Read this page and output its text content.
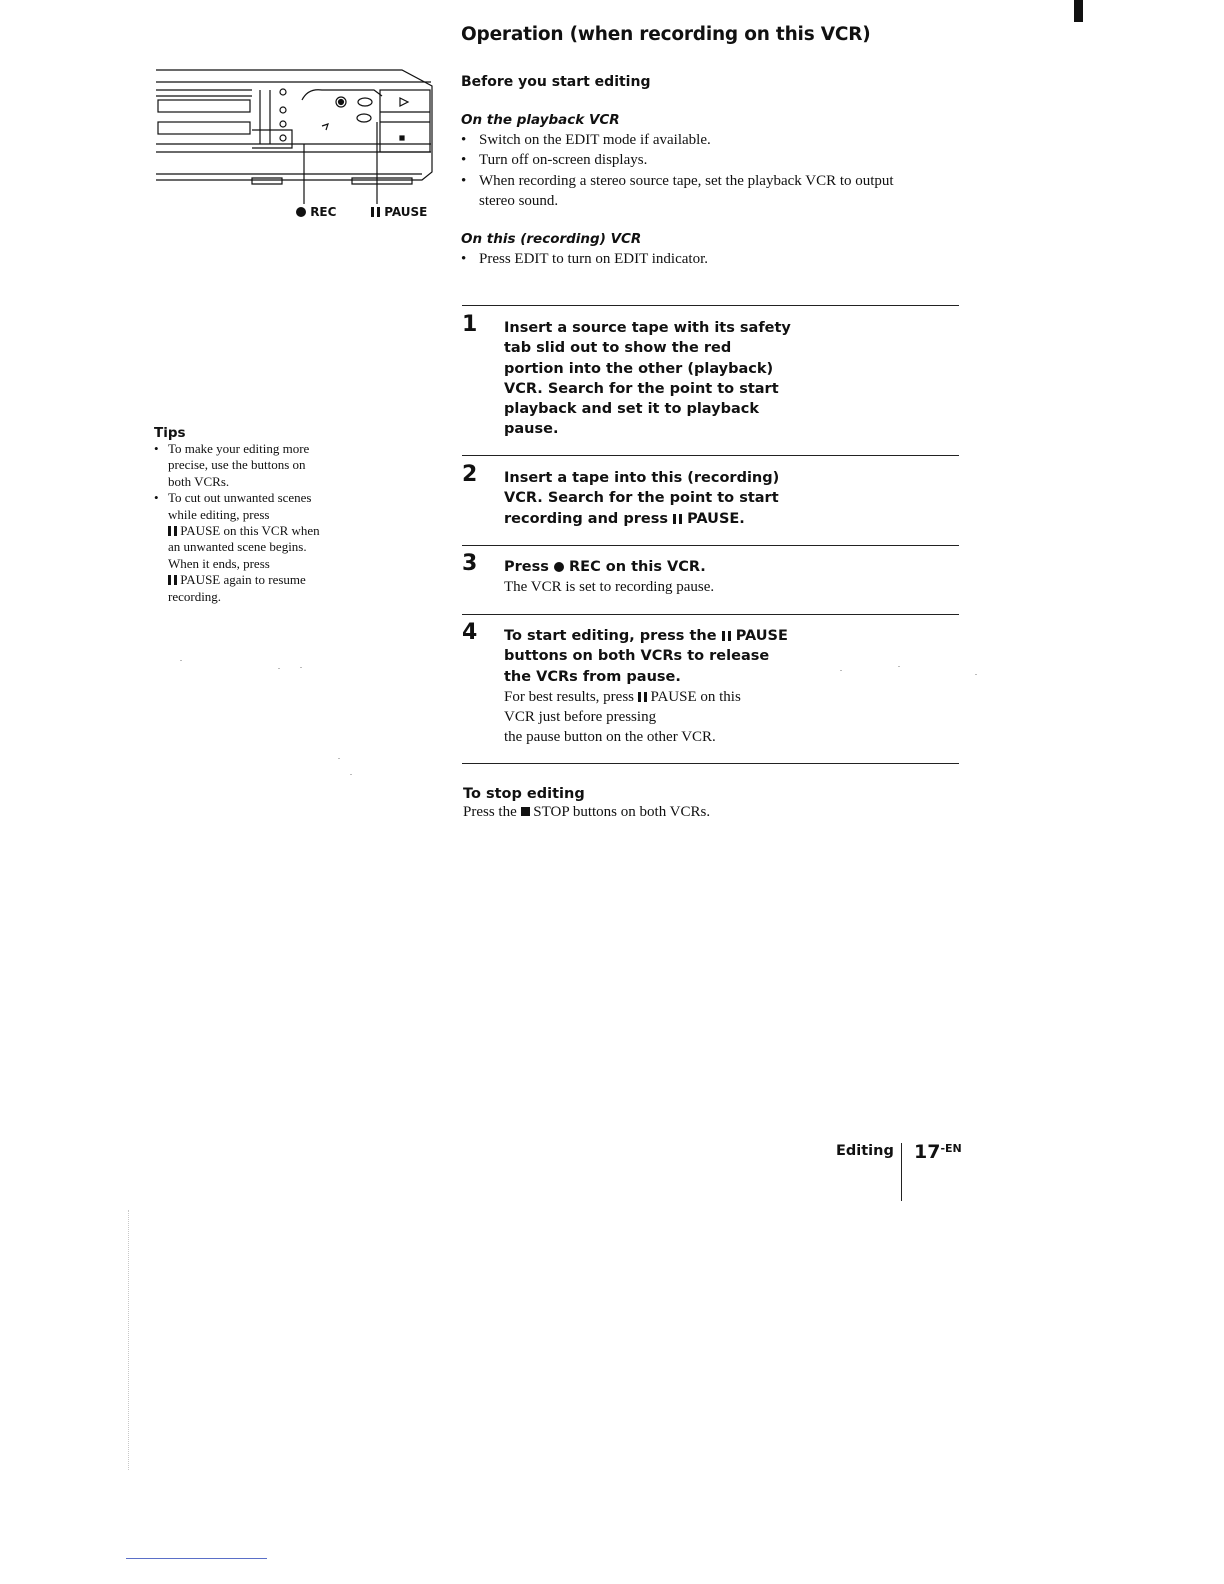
Operation (when recording on this VCR)
REC	PAUSE
Before you start editing
On the playback VCR
• Switch on the EDIT mode if available.
• Turn off on-screen displays.
• When recording a stereo source tape, set the playback VCR to output
stereo sound.
On this (recording) VCR
• Press EDIT to turn on EDIT indicator.
Tips
• To make your editing more
precise, use the buttons on
both VCRs.
• To cut out unwanted scenes
while editing, press
PAUSE on this VCR when
an unwanted scene begins.
When it ends, press
PAUSE again to resume
recording.
1 Insert a source tape with its safety
tab slid out to show the red
portion into the other (playback)
VCR. Search for the point to start
playback and set it to playback
pause.

2 Insert a tape into this (recording)
VCR. Search for the point to start
recording and press PAUSE.

3 Press REC on this VCR.

The VCR is set to recording pause.

4 To start editing, press the PAUSE
buttons on both VCRs to release
the VCRs from pause.

For best results, press PAUSE on this
VCR just before pressing
the pause button on the other VCR.

To stop editing

Press the STOP buttons on both VCRs.

Editing $17^{-EN}$
